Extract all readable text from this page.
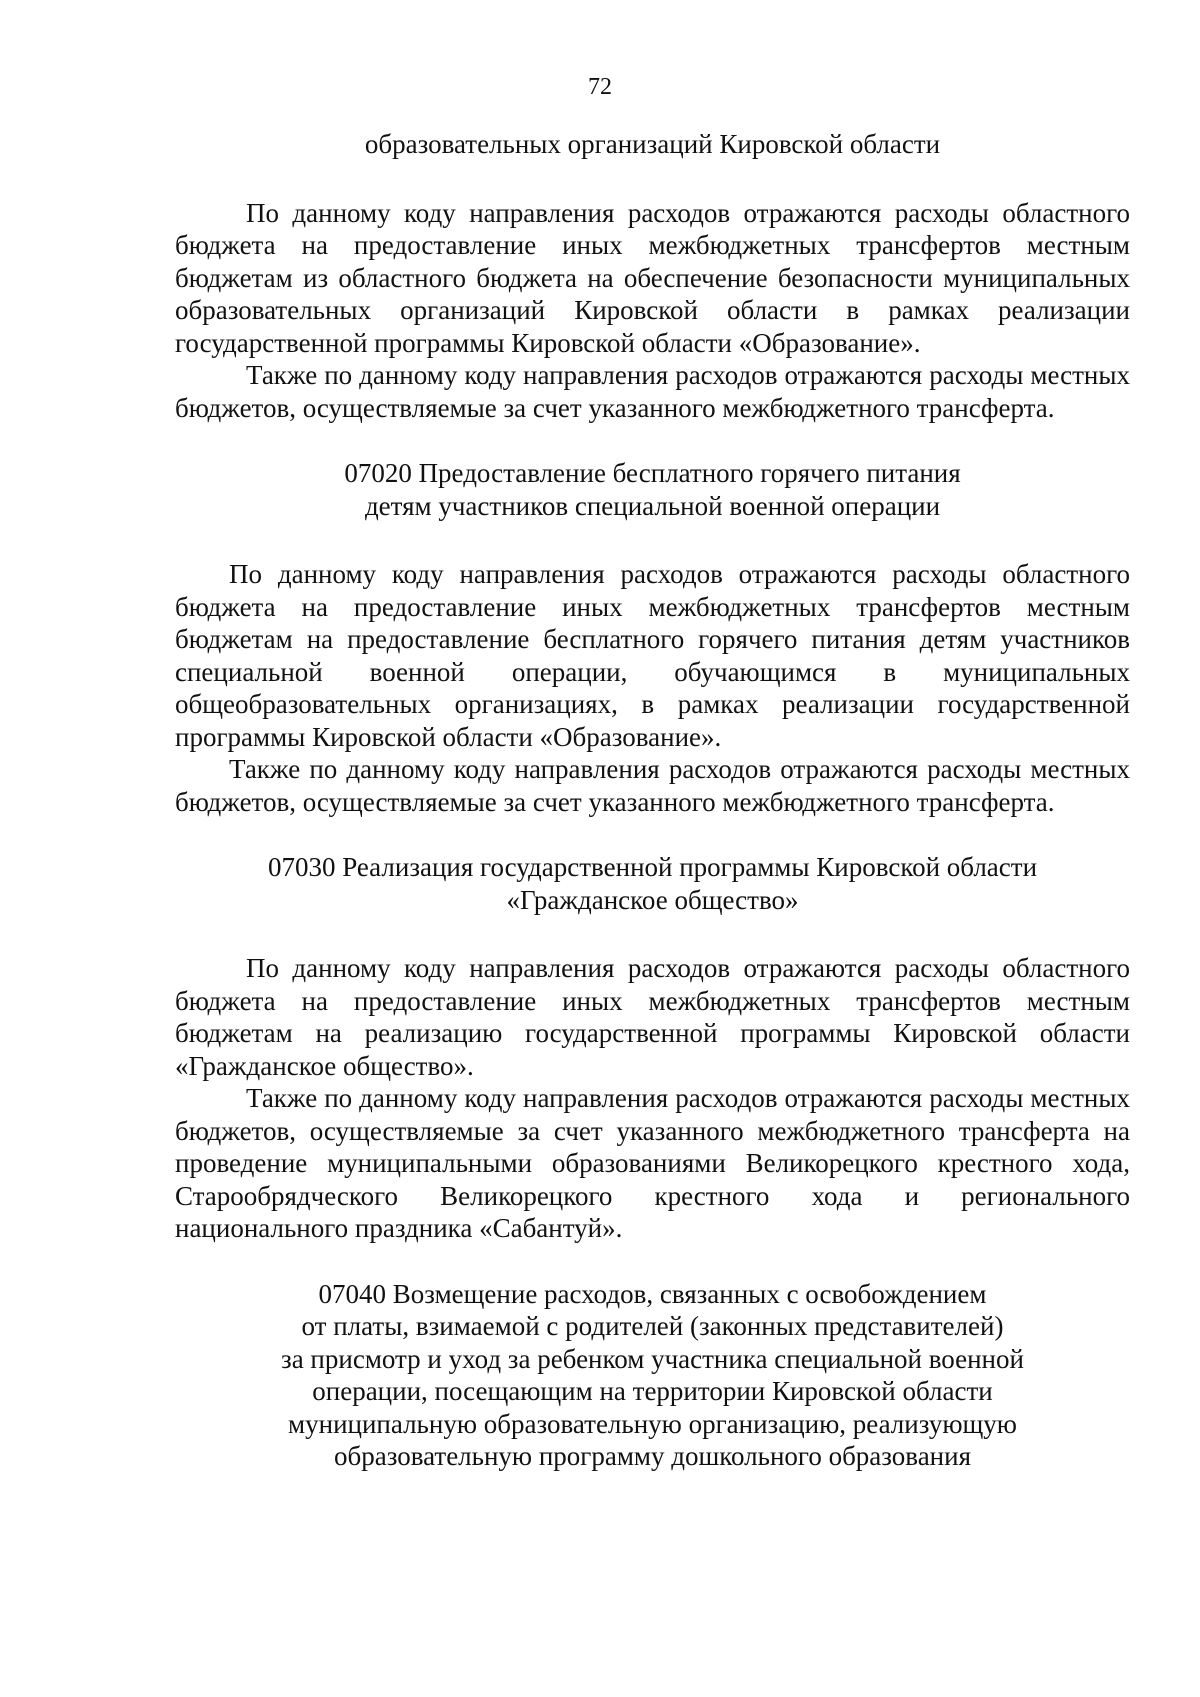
72
образовательных организаций Кировской области

По данному коду направления расходов отражаются расходы областного бюджета на предоставление иных межбюджетных трансфертов местным бюджетам из областного бюджета на обеспечение безопасности муниципальных образовательных организаций Кировской области в рамках реализации государственной программы Кировской области «Образование».

Также по данному коду направления расходов отражаются расходы местных бюджетов, осуществляемые за счет указанного межбюджетного трансферта.

07020 Предоставление бесплатного горячего питания
детям участников специальной военной операции

По данному коду направления расходов отражаются расходы областного бюджета на предоставление иных межбюджетных трансфертов местным бюджетам на предоставление бесплатного горячего питания детям участников специальной военной операции, обучающимся в муниципальных общеобразовательных организациях, в рамках реализации государственной программы Кировской области «Образование».

Также по данному коду направления расходов отражаются расходы местных бюджетов, осуществляемые за счет указанного межбюджетного трансферта.

07030 Реализация государственной программы Кировской области
«Гражданское общество»

По данному коду направления расходов отражаются расходы областного бюджета на предоставление иных межбюджетных трансфертов местным бюджетам на реализацию государственной программы Кировской области «Гражданское общество».

Также по данному коду направления расходов отражаются расходы местных бюджетов, осуществляемые за счет указанного межбюджетного трансферта на проведение муниципальными образованиями Великорецкого крестного хода, Старообрядческого Великорецкого крестного хода и регионального национального праздника «Сабантуй».

07040 Возмещение расходов, связанных с освобождением
от платы, взимаемой с родителей (законных представителей)
за присмотр и уход за ребенком участника специальной военной
операции, посещающим на территории Кировской области
муниципальную образовательную организацию, реализующую
образовательную программу дошкольного образования
